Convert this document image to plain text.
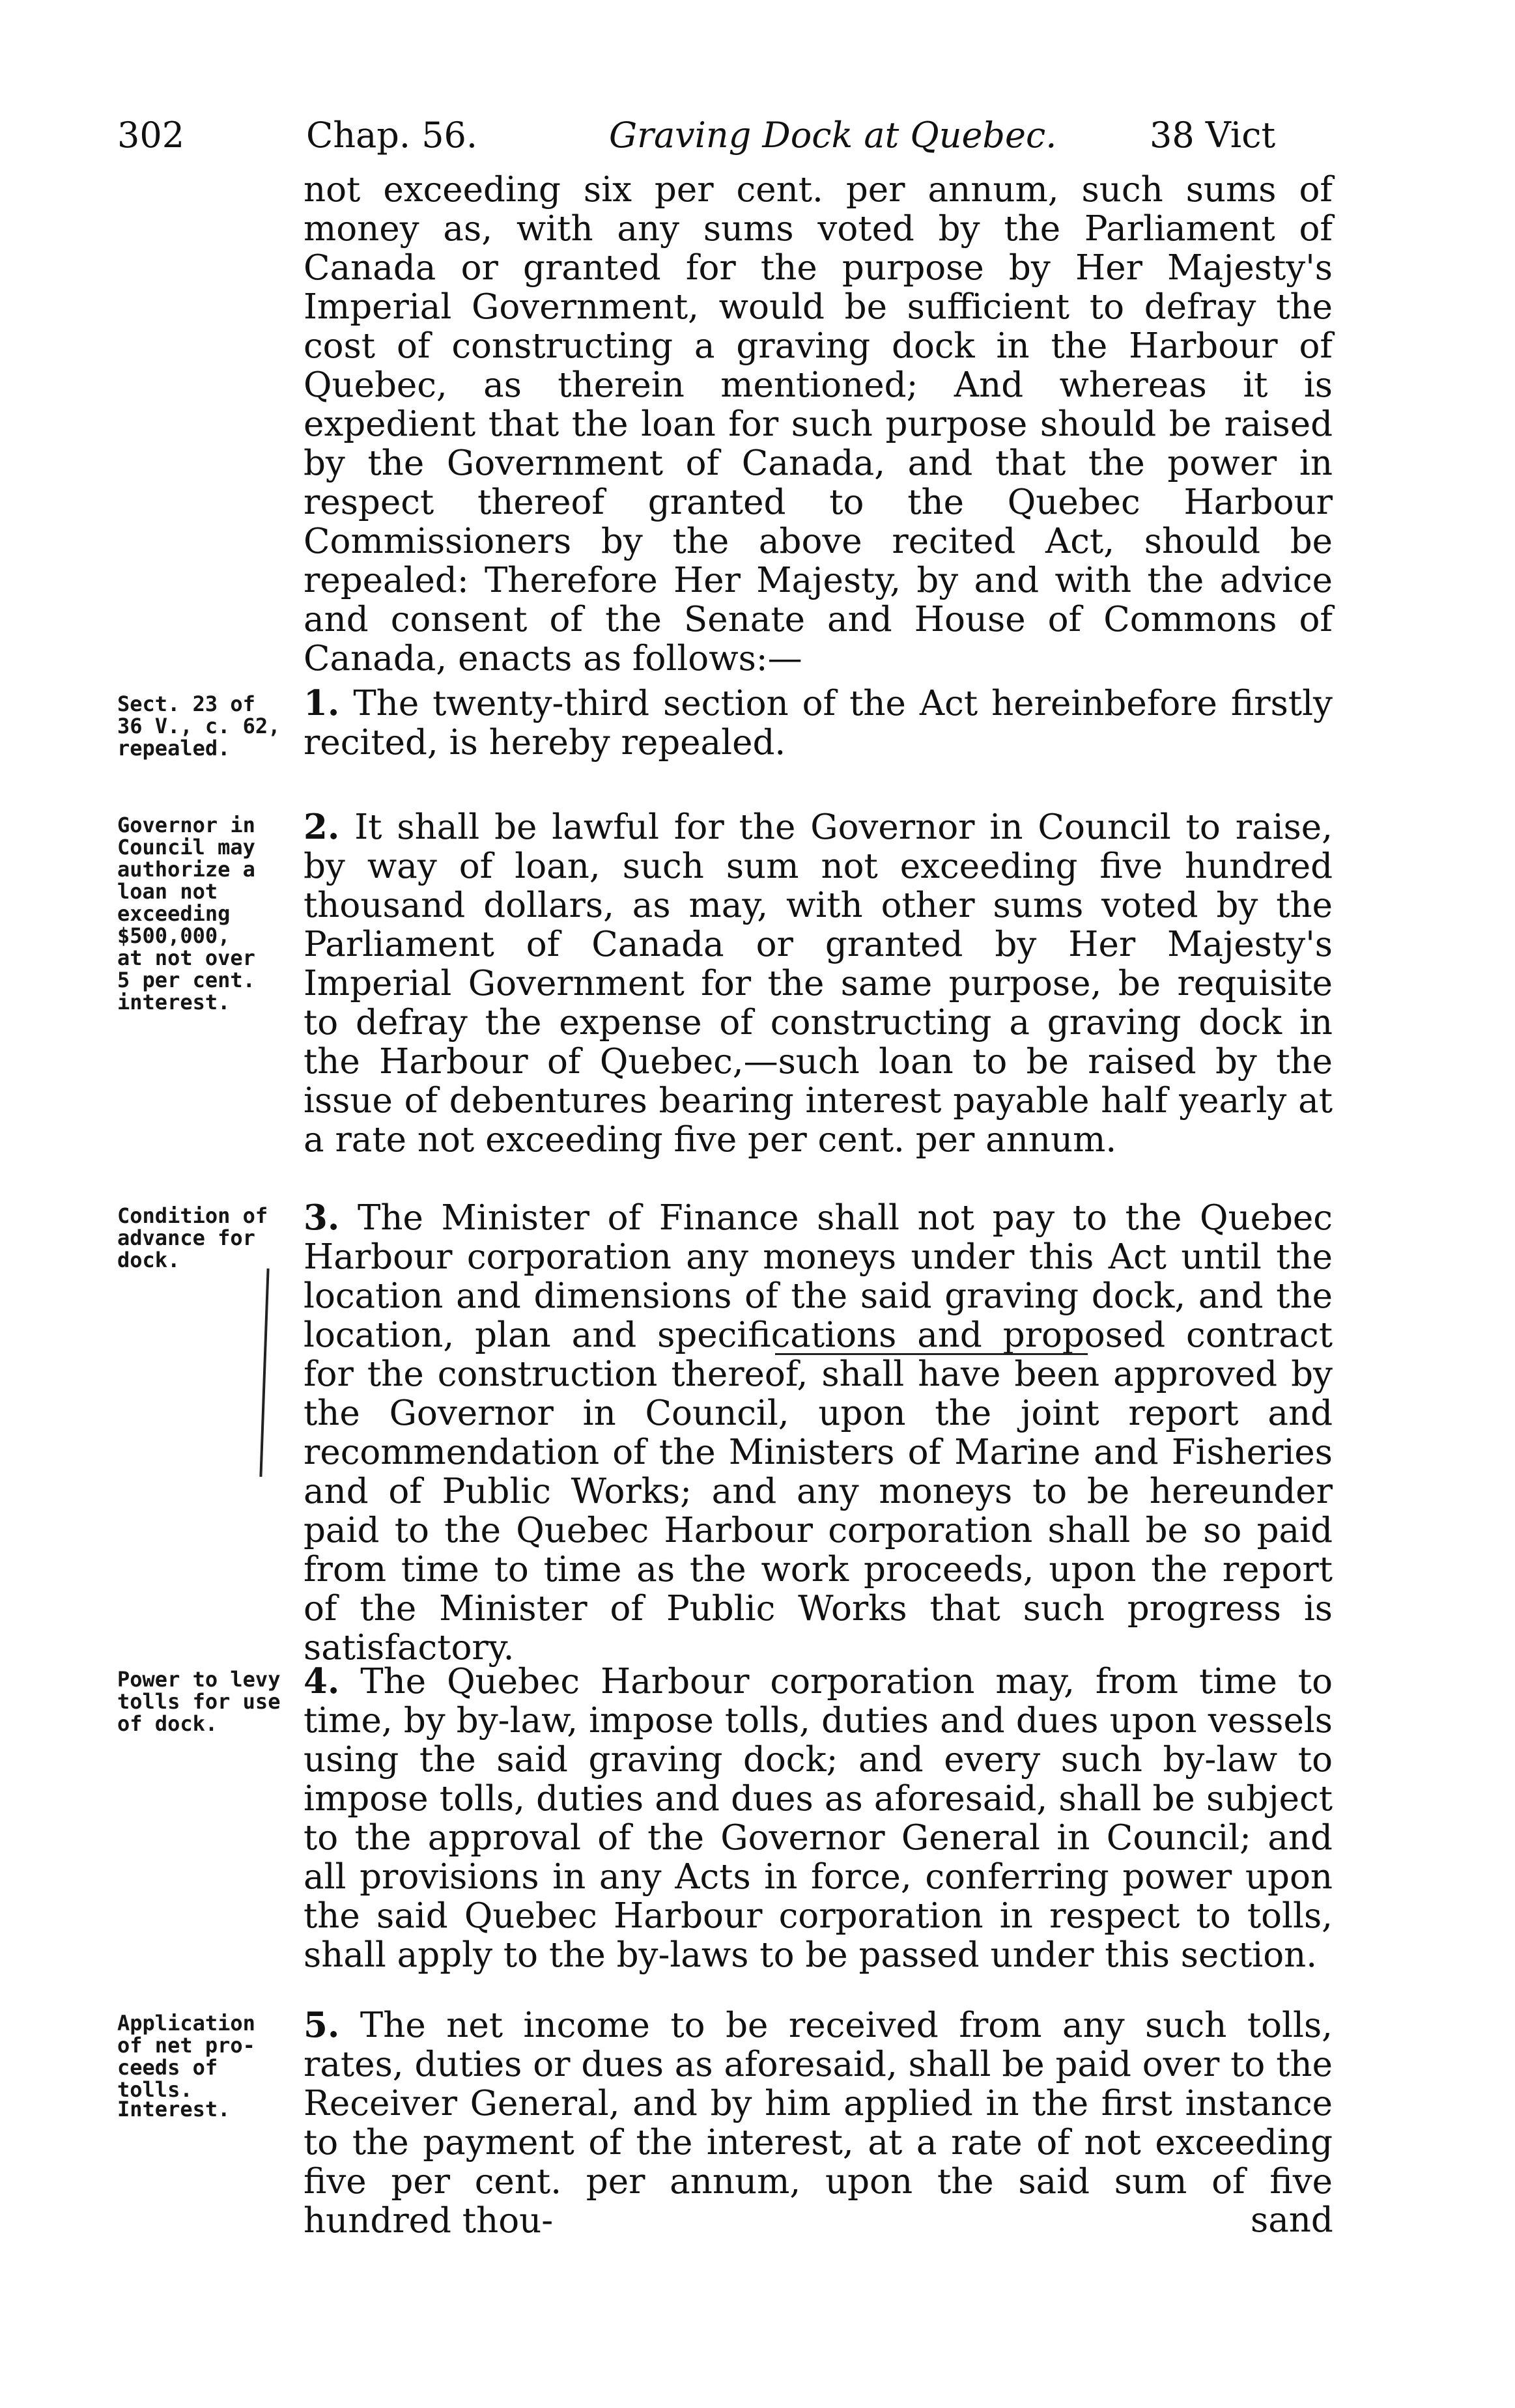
302	Chap. 56.	Graving Dock at Quebec.	38 Vict
not exceeding six per cent. per annum, such sums of money as, with any sums voted by the Parliament of Canada or granted for the purpose by Her Majesty's Imperial Government, would be sufficient to defray the cost of constructing a graving dock in the Harbour of Quebec, as therein mentioned; And whereas it is expedient that the loan for such purpose should be raised by the Government of Canada, and that the power in respect thereof granted to the Quebec Harbour Commissioners by the above recited Act, should be repealed: Therefore Her Majesty, by and with the advice and consent of the Senate and House of Commons of Canada, enacts as follows:—
Sect. 23 of
36 V., c. 62,
repealed.
1. The twenty-third section of the Act hereinbefore firstly recited, is hereby repealed.
Governor in
Council may
authorize a
loan not
exceeding
$500,000,
at not over
5 per cent.
interest.
2. It shall be lawful for the Governor in Council to raise, by way of loan, such sum not exceeding five hundred thousand dollars, as may, with other sums voted by the Parliament of Canada or granted by Her Majesty's Imperial Government for the same purpose, be requisite to defray the expense of constructing a graving dock in the Harbour of Quebec,—such loan to be raised by the issue of debentures bearing interest payable half yearly at a rate not exceeding five per cent. per annum.
Condition of
advance for
dock.
3. The Minister of Finance shall not pay to the Quebec Harbour corporation any moneys under this Act until the location and dimensions of the said graving dock, and the location, plan and specifications and proposed contract for the construction thereof, shall have been approved by the Governor in Council, upon the joint report and recommendation of the Ministers of Marine and Fisheries and of Public Works; and any moneys to be hereunder paid to the Quebec Harbour corporation shall be so paid from time to time as the work proceeds, upon the report of the Minister of Public Works that such progress is satisfactory.
Power to levy
tolls for use
of dock.
4. The Quebec Harbour corporation may, from time to time, by by-law, impose tolls, duties and dues upon vessels using the said graving dock; and every such by-law to impose tolls, duties and dues as aforesaid, shall be subject to the approval of the Governor General in Council; and all provisions in any Acts in force, conferring power upon the said Quebec Harbour corporation in respect to tolls, shall apply to the by-laws to be passed under this section.
Application
of net pro-
ceeds of tolls.
Interest.
5. The net income to be received from any such tolls, rates, duties or dues as aforesaid, shall be paid over to the Receiver General, and by him applied in the first instance to the payment of the interest, at a rate of not exceeding five per cent. per annum, upon the said sum of five hundred thou-	sand
